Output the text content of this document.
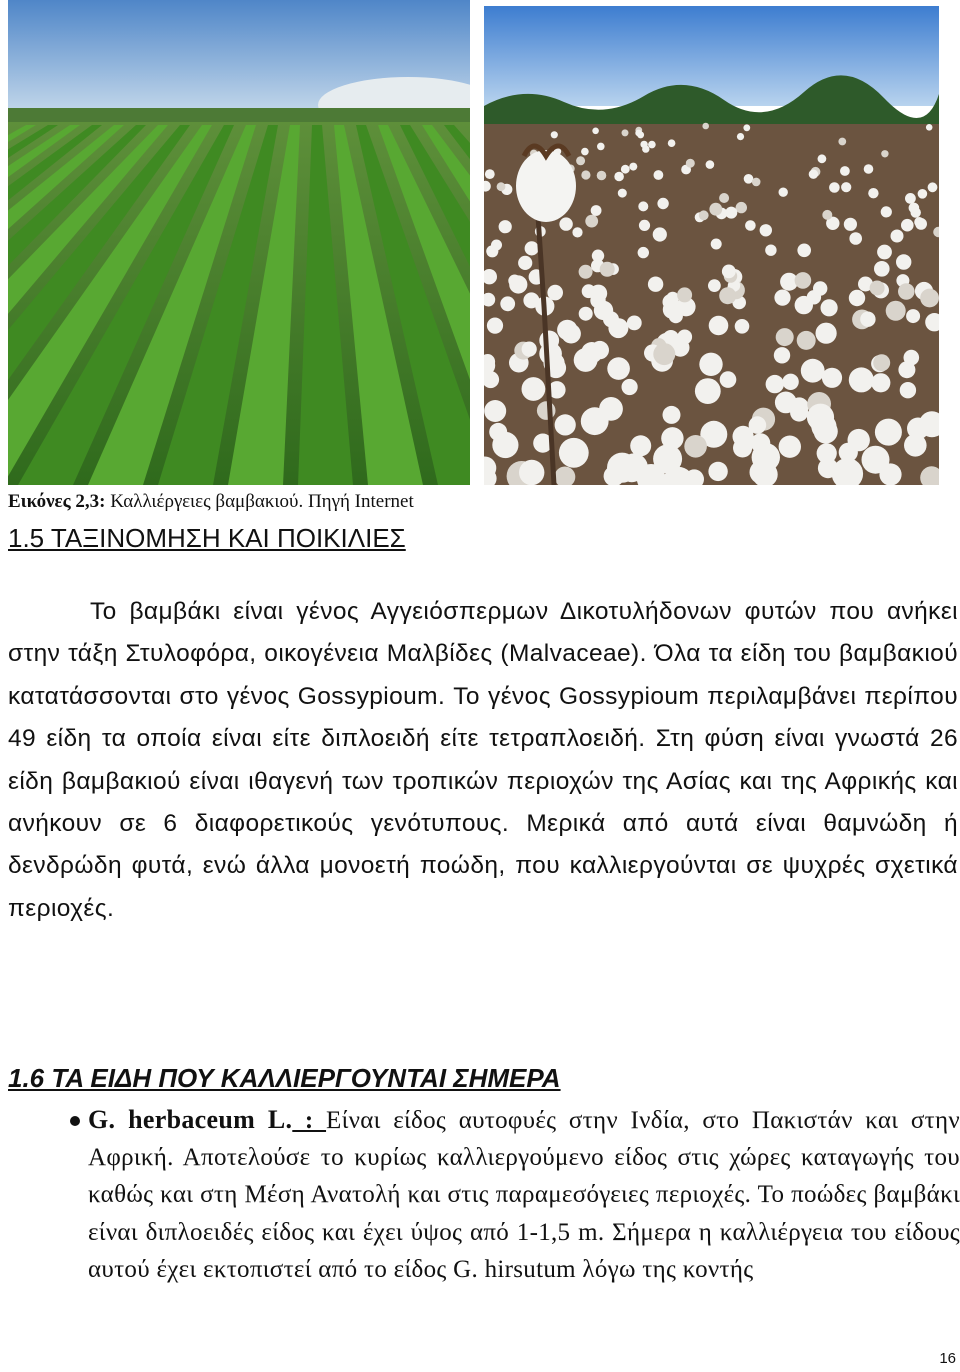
Εικόνες 2,3: Καλλιέργειες βαμβακιού. Πηγή Internet
1.5 ΤΑΞΙΝΟΜΗΣΗ ΚΑΙ ΠΟΙΚΙΛΙΕΣ

Το βαμβάκι είναι γένος Αγγειόσπερμων Δικοτυλήδονων φυτών που ανήκει στην τάξη Στυλοφόρα, οικογένεια Μαλβίδες (Malvaceae). Όλα τα είδη του βαμβακιού κατατάσσονται στο γένος Gossypioum. Το γένος Gossypioum περιλαμβάνει περίπου 49 είδη τα οποία είναι είτε διπλοειδή είτε τετραπλοειδή. Στη φύση είναι γνωστά 26 είδη βαμβακιού είναι ιθαγενή των τροπικών περιοχών της Ασίας και της Αφρικής και ανήκουν σε 6 διαφορετικούς γενότυπους. Μερικά από αυτά είναι θαμνώδη ή δενδρώδη φυτά, ενώ άλλα μονοετή ποώδη, που καλλιεργούνται σε ψυχρές σχετικά περιοχές.

1.6 ΤΑ ΕΙΔΗ ΠΟΥ ΚΑΛΛΙΕΡΓΟΥΝΤΑΙ ΣΗΜΕΡΑ

G. herbaceum L. : Είναι είδος αυτοφυές στην Ινδία, στο Πακιστάν και στην Αφρική. Αποτελούσε το κυρίως καλλιεργούμενο είδος στις χώρες καταγωγής του καθώς και στη Μέση Ανατολή και στις παραμεσόγειες περιοχές. Το ποώδες βαμβάκι είναι διπλοειδές είδος και έχει ύψος από 1-1,5 m. Σήμερα η καλλιέργεια του είδους αυτού έχει εκτοπιστεί από το είδος G. hirsutum λόγω της κοντής

16
